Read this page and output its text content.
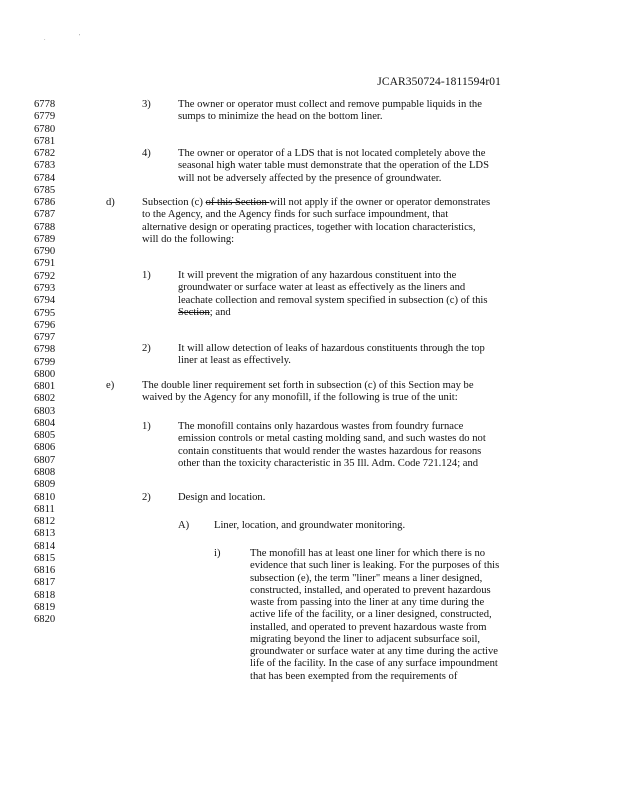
.	'
JCAR350724-1811594r01
6778
6779
6780
6781
6782
6783
6784
6785
6786
6787
6788
6789
6790
6791
6792
6793
6794
6795
6796
6797
6798
6799
6800
6801
6802
6803
6804
6805
6806
6807
6808
6809
6810
6811
6812
6813
6814
6815
6816
6817
6818
6819
6820
3)	The owner or operator must collect and remove pumpable liquids in the
sumps to minimize the head on the bottom liner.
4)	The owner or operator of a LDS that is not located completely above the
seasonal high water table must demonstrate that the operation of the LDS
will not be adversely affected by the presence of groundwater.
d)	Subsection (c) of this Section will not apply if the owner or operator demonstrates
to the Agency, and the Agency finds for such surface impoundment, that
alternative design or operating practices, together with location characteristics,
will do the following:
1)	It will prevent the migration of any hazardous constituent into the
groundwater or surface water at least as effectively as the liners and
leachate collection and removal system specified in subsection (c) of this
Section; and
2)	It will allow detection of leaks of hazardous constituents through the top
liner at least as effectively.
e)	The double liner requirement set forth in subsection (c) of this Section may be
waived by the Agency for any monofill, if the following is true of the unit:
1)	The monofill contains only hazardous wastes from foundry furnace
emission controls or metal casting molding sand, and such wastes do not
contain constituents that would render the wastes hazardous for reasons
other than the toxicity characteristic in 35 Ill. Adm. Code 721.124; and
2)	Design and location.
A) Liner, location, and groundwater monitoring.
i)	The monofill has at least one liner for which there is no
evidence that such liner is leaking. For the purposes of this
subsection (e), the term "liner" means a liner designed,
constructed, installed, and operated to prevent hazardous
waste from passing into the liner at any time during the
active life of the facility, or a liner designed, constructed,
installed, and operated to prevent hazardous waste from
migrating beyond the liner to adjacent subsurface soil,
groundwater or surface water at any time during the active
life of the facility. In the case of any surface impoundment
that has been exempted from the requirements of
